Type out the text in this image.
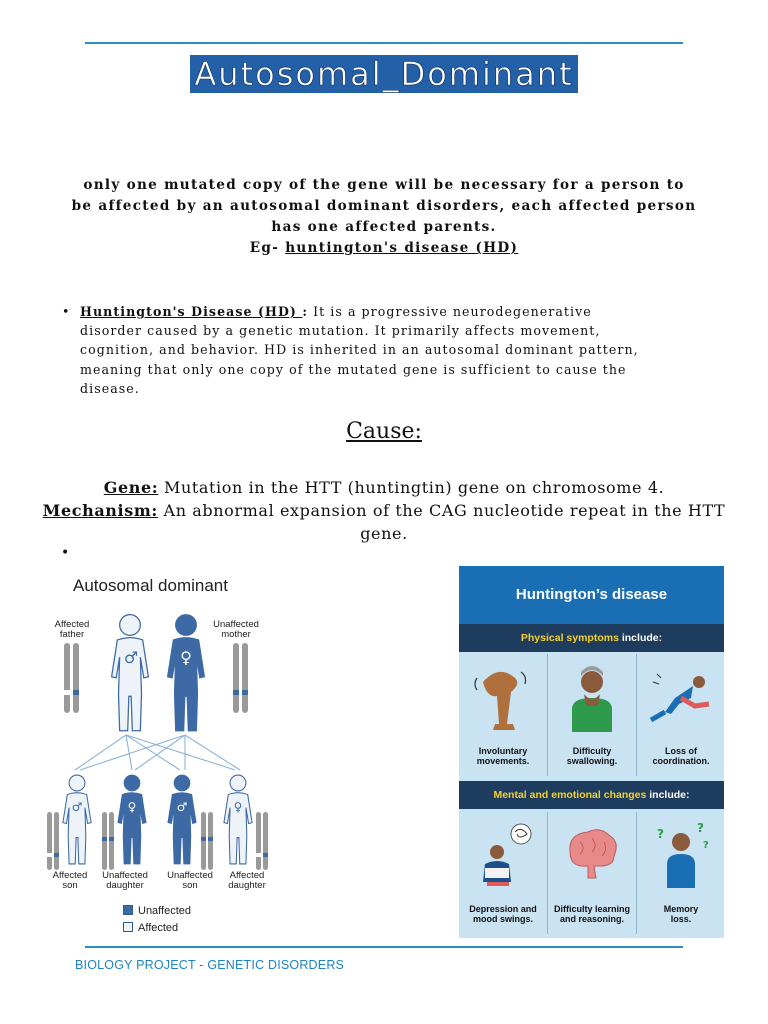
Autosomal_Dominant
only one mutated copy of the gene will be necessary for a person to
be affected by an autosomal dominant disorders, each affected person
has one affected parents.
Eg- huntington's disease (HD)
• Huntington's Disease (HD) : It is a progressive neurodegenerative
disorder caused by a genetic mutation. It primarily affects movement,
cognition, and behavior. HD is inherited in an autosomal dominant pattern,
meaning that only one copy of the mutated gene is sufficient to cause the
disease.
Cause:
Gene: Mutation in the HTT (huntingtin) gene on chromosome 4.
Mechanism: An abnormal expansion of the CAG nucleotide repeat in the HTT gene.
•
Autosomal dominant
♂	♀
♂	♀	♂	♀
Affected father
Unaffected mother
Affected son
Unaffected daughter
Unaffected son
Affected daughter
Unaffected
Affected
Huntington’s disease
Physical symptoms include:
Involuntary
movements.
Difficulty
swallowing.
Loss of
coordination.
Mental and emotional changes include:
Depression and
mood swings.
Difficulty learning
and reasoning.
?	?
?
Memory
loss.
BIOLOGY PROJECT - GENETIC DISORDERS
